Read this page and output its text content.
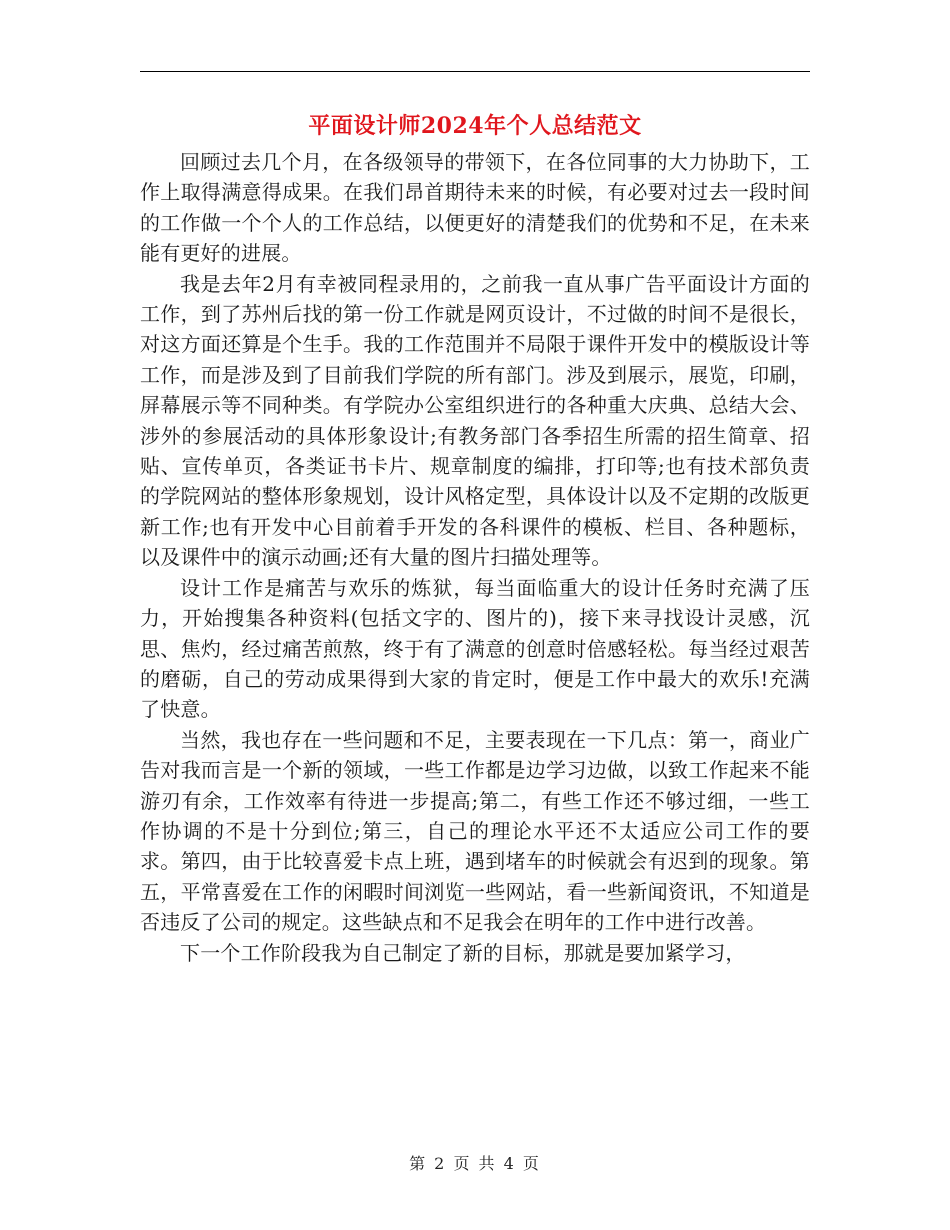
平面设计师2024年个人总结范文

回顾过去几个月，在各级领导的带领下，在各位同事的大力协助下，工作上取得满意得成果。在我们昂首期待未来的时候，有必要对过去一段时间的工作做一个个人的工作总结，以便更好的清楚我们的优势和不足，在未来能有更好的进展。

我是去年2月有幸被同程录用的，之前我一直从事广告平面设计方面的工作，到了苏州后找的第一份工作就是网页设计，不过做的时间不是很长，对这方面还算是个生手。我的工作范围并不局限于课件开发中的模版设计等工作，而是涉及到了目前我们学院的所有部门。涉及到展示，展览，印刷，屏幕展示等不同种类。有学院办公室组织进行的各种重大庆典、总结大会、涉外的参展活动的具体形象设计;有教务部门各季招生所需的招生简章、招贴、宣传单页，各类证书卡片、规章制度的编排，打印等;也有技术部负责的学院网站的整体形象规划，设计风格定型，具体设计以及不定期的改版更新工作;也有开发中心目前着手开发的各科课件的模板、栏目、各种题标，以及课件中的演示动画;还有大量的图片扫描处理等。

设计工作是痛苦与欢乐的炼狱，每当面临重大的设计任务时充满了压力，开始搜集各种资料(包括文字的、图片的)，接下来寻找设计灵感，沉思、焦灼，经过痛苦煎熬，终于有了满意的创意时倍感轻松。每当经过艰苦的磨砺，自己的劳动成果得到大家的肯定时，便是工作中最大的欢乐!充满了快意。

当然，我也存在一些问题和不足，主要表现在一下几点：第一，商业广告对我而言是一个新的领域，一些工作都是边学习边做，以致工作起来不能游刃有余，工作效率有待进一步提高;第二，有些工作还不够过细，一些工作协调的不是十分到位;第三，自己的理论水平还不太适应公司工作的要求。第四，由于比较喜爱卡点上班，遇到堵车的时候就会有迟到的现象。第五，平常喜爱在工作的闲暇时间浏览一些网站，看一些新闻资讯，不知道是否违反了公司的规定。这些缺点和不足我会在明年的工作中进行改善。

下一个工作阶段我为自己制定了新的目标，那就是要加紧学习，

第 2 页 共 4 页
